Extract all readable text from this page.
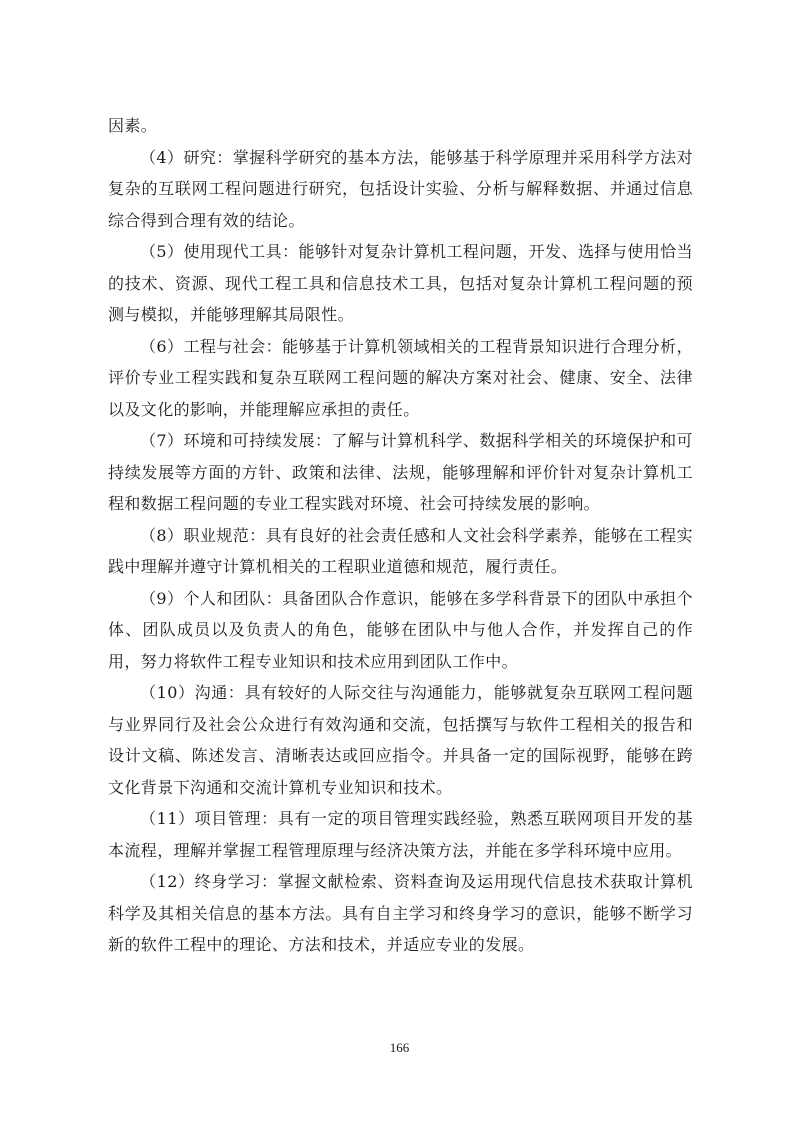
因素。

（4）研究：掌握科学研究的基本方法，能够基于科学原理并采用科学方法对复杂的互联网工程问题进行研究，包括设计实验、分析与解释数据、并通过信息综合得到合理有效的结论。

（5）使用现代工具：能够针对复杂计算机工程问题，开发、选择与使用恰当的技术、资源、现代工程工具和信息技术工具，包括对复杂计算机工程问题的预测与模拟，并能够理解其局限性。

（6）工程与社会：能够基于计算机领域相关的工程背景知识进行合理分析，评价专业工程实践和复杂互联网工程问题的解决方案对社会、健康、安全、法律以及文化的影响，并能理解应承担的责任。

（7）环境和可持续发展：了解与计算机科学、数据科学相关的环境保护和可持续发展等方面的方针、政策和法律、法规，能够理解和评价针对复杂计算机工程和数据工程问题的专业工程实践对环境、社会可持续发展的影响。

（8）职业规范：具有良好的社会责任感和人文社会科学素养，能够在工程实践中理解并遵守计算机相关的工程职业道德和规范，履行责任。

（9）个人和团队：具备团队合作意识，能够在多学科背景下的团队中承担个体、团队成员以及负责人的角色，能够在团队中与他人合作，并发挥自己的作用，努力将软件工程专业知识和技术应用到团队工作中。

（10）沟通：具有较好的人际交往与沟通能力，能够就复杂互联网工程问题与业界同行及社会公众进行有效沟通和交流，包括撰写与软件工程相关的报告和设计文稿、陈述发言、清晰表达或回应指令。并具备一定的国际视野，能够在跨文化背景下沟通和交流计算机专业知识和技术。

（11）项目管理：具有一定的项目管理实践经验，熟悉互联网项目开发的基本流程，理解并掌握工程管理原理与经济决策方法，并能在多学科环境中应用。

（12）终身学习：掌握文献检索、资料查询及运用现代信息技术获取计算机科学及其相关信息的基本方法。具有自主学习和终身学习的意识，能够不断学习新的软件工程中的理论、方法和技术，并适应专业的发展。

166
